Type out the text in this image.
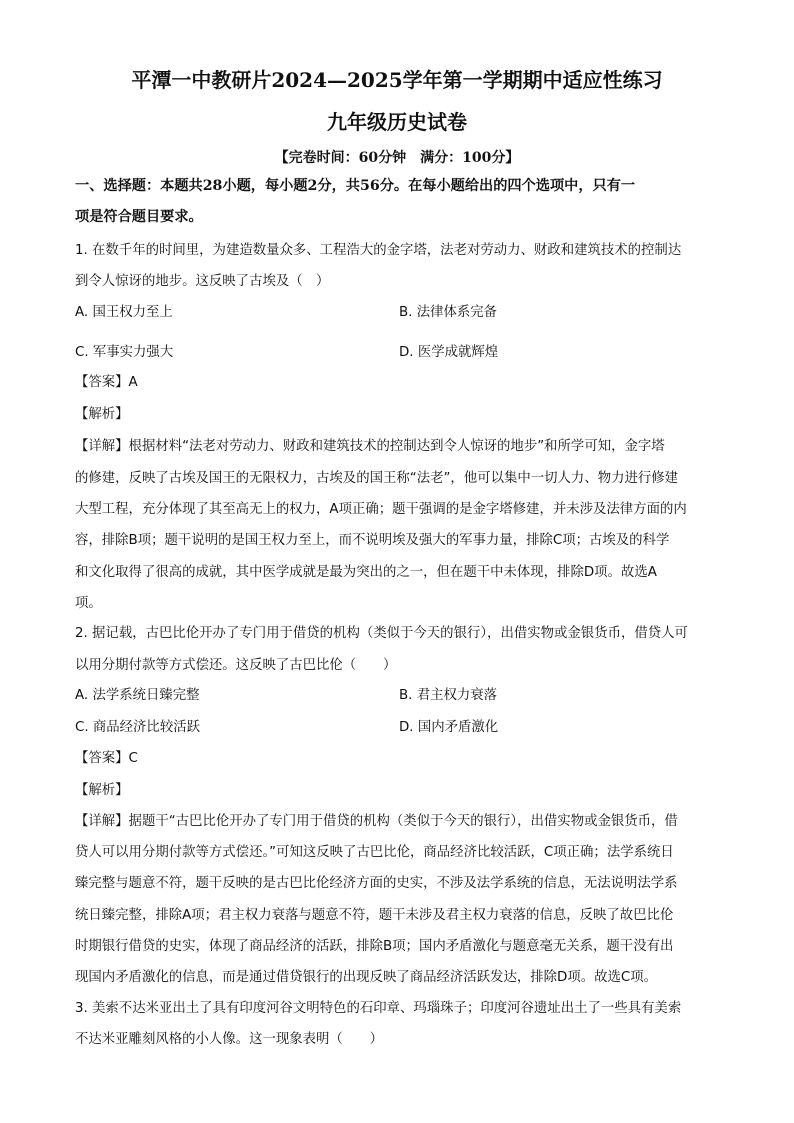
平潭一中教研片2024—2025学年第一学期期中适应性练习
九年级历史试卷
【完卷时间：60分钟　满分：100分】
一、选择题：本题共28小题，每小题2分，共56分。在每小题给出的四个选项中，只有一
项是符合题目要求。
1. 在数千年的时间里，为建造数量众多、工程浩大的金字塔，法老对劳动力、财政和建筑技术的控制达
到令人惊讶的地步。这反映了古埃及（　）
A. 国王权力至上	B. 法律体系完备
C. 军事实力强大	D. 医学成就辉煌
【答案】A
【解析】
【详解】根据材料“法老对劳动力、财政和建筑技术的控制达到令人惊讶的地步”和所学可知，金字塔
的修建，反映了古埃及国王的无限权力，古埃及的国王称“法老”，他可以集中一切人力、物力进行修建
大型工程，充分体现了其至高无上的权力，A项正确；题干强调的是金字塔修建，并未涉及法律方面的内
容，排除B项；题干说明的是国王权力至上，而不说明埃及强大的军事力量，排除C项；古埃及的科学
和文化取得了很高的成就，其中医学成就是最为突出的之一，但在题干中未体现，排除D项。故选A
项。
2. 据记载，古巴比伦开办了专门用于借贷的机构（类似于今天的银行），出借实物或金银货币，借贷人可
以用分期付款等方式偿还。这反映了古巴比伦（　　）
A. 法学系统日臻完整	B. 君主权力衰落
C. 商品经济比较活跃	D. 国内矛盾激化
【答案】C
【解析】
【详解】据题干“古巴比伦开办了专门用于借贷的机构（类似于今天的银行），出借实物或金银货币，借
贷人可以用分期付款等方式偿还。”可知这反映了古巴比伦，商品经济比较活跃，C项正确；法学系统日
臻完整与题意不符，题干反映的是古巴比伦经济方面的史实，不涉及法学系统的信息，无法说明法学系
统日臻完整，排除A项；君主权力衰落与题意不符，题干未涉及君主权力衰落的信息，反映了故巴比伦
时期银行借贷的史实，体现了商品经济的活跃，排除B项；国内矛盾激化与题意毫无关系，题干没有出
现国内矛盾激化的信息，而是通过借贷银行的出现反映了商品经济活跃发达，排除D项。故选C项。
3. 美索不达米亚出土了具有印度河谷文明特色的石印章、玛瑙珠子；印度河谷遗址出土了一些具有美索
不达米亚雕刻风格的小人像。这一现象表明（　　）
